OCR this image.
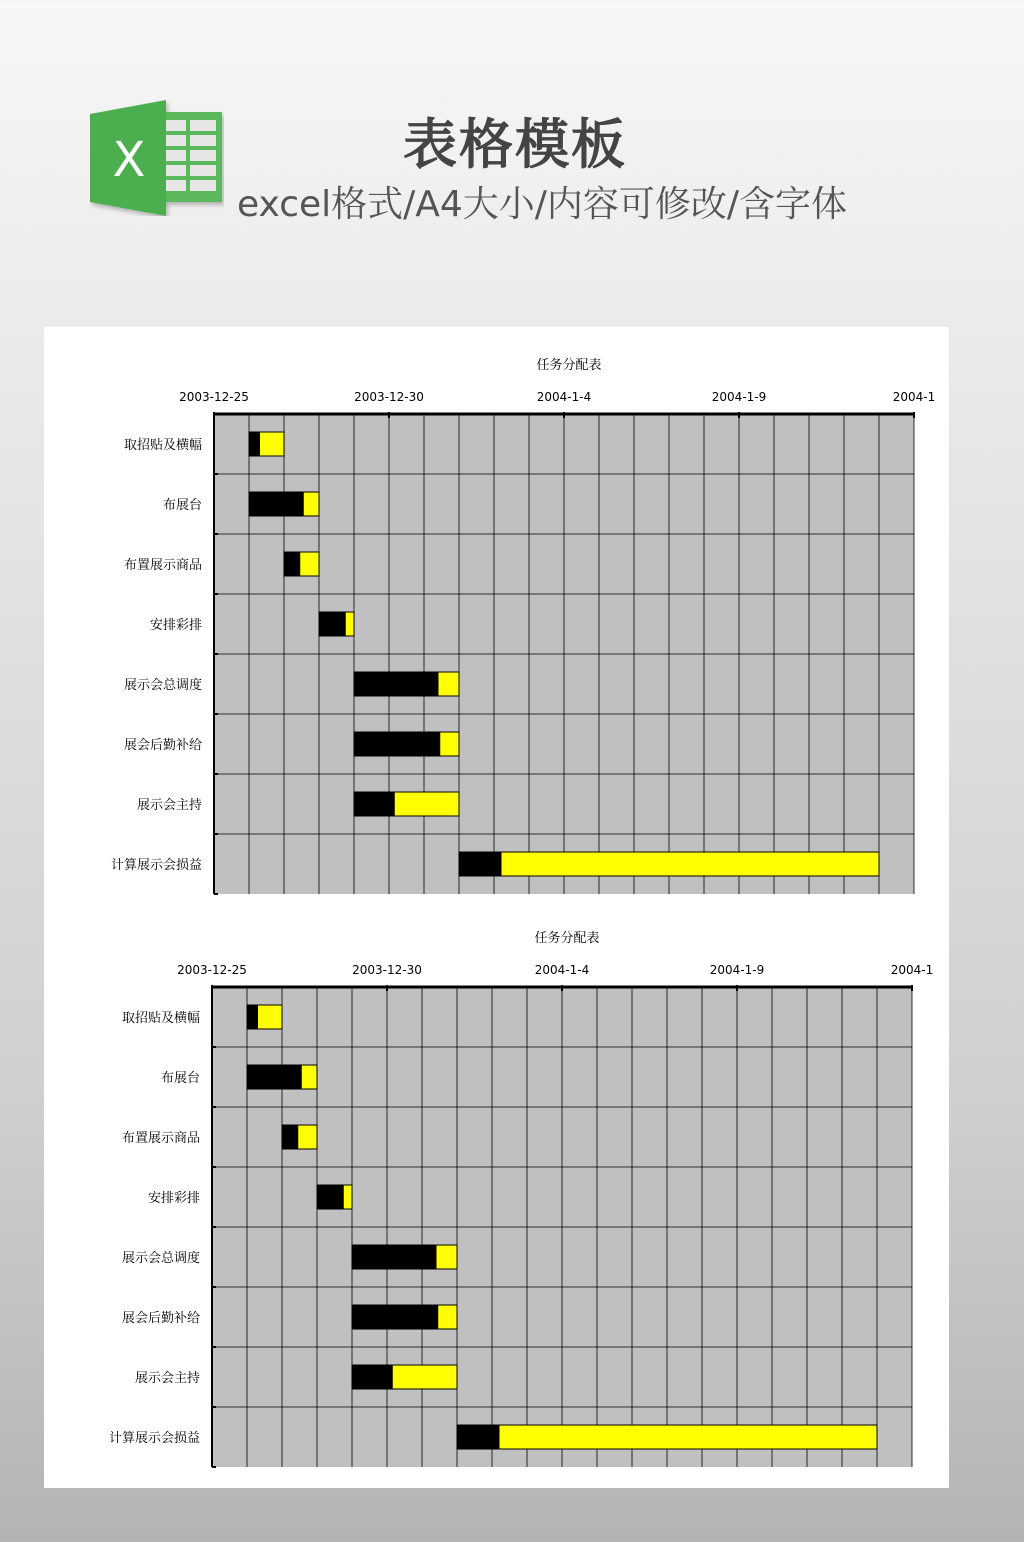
X	表格模板
excel格式/A4大小/内容可修改/含字体
任务分配表
2003-12-25	2003-12-30	2004-1-4	2004-1-9	2004-1
取招贴及横幅
布展台
布置展示商品
安排彩排
展示会总调度
展会后勤补给
展示会主持
计算展示会损益
任务分配表
2003-12-25	2003-12-30	2004-1-4	2004-1-9	2004-1
取招贴及横幅
布展台
布置展示商品
安排彩排
展示会总调度
展会后勤补给
展示会主持
计算展示会损益
